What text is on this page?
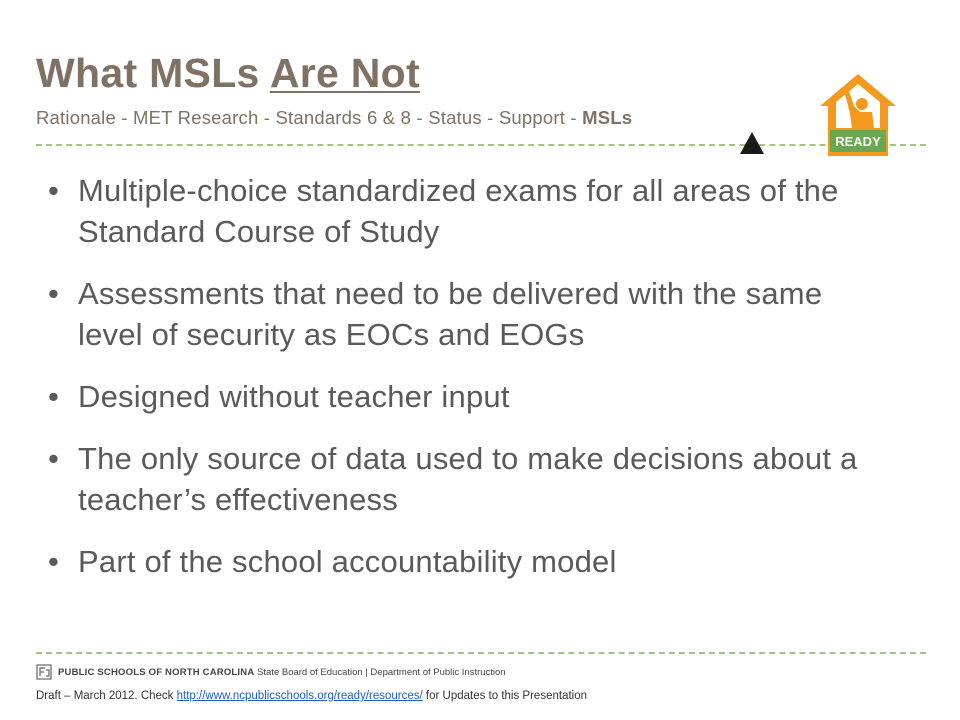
What MSLs Are Not
Rationale - MET Research - Standards 6 & 8 - Status - Support - MSLs
READY
• Multiple-choice standardized exams for all areas of the Standard Course of Study
• Assessments that need to be delivered with the same level of security as EOCs and EOGs
• Designed without teacher input
• The only source of data used to make decisions about a teacher’s effectiveness
• Part of the school accountability model
PUBLIC SCHOOLS OF NORTH CAROLINA State Board of Education | Department of Public Instruction
Draft – March 2012. Check http://www.ncpublicschools.org/ready/resources/ for Updates to this Presentation
